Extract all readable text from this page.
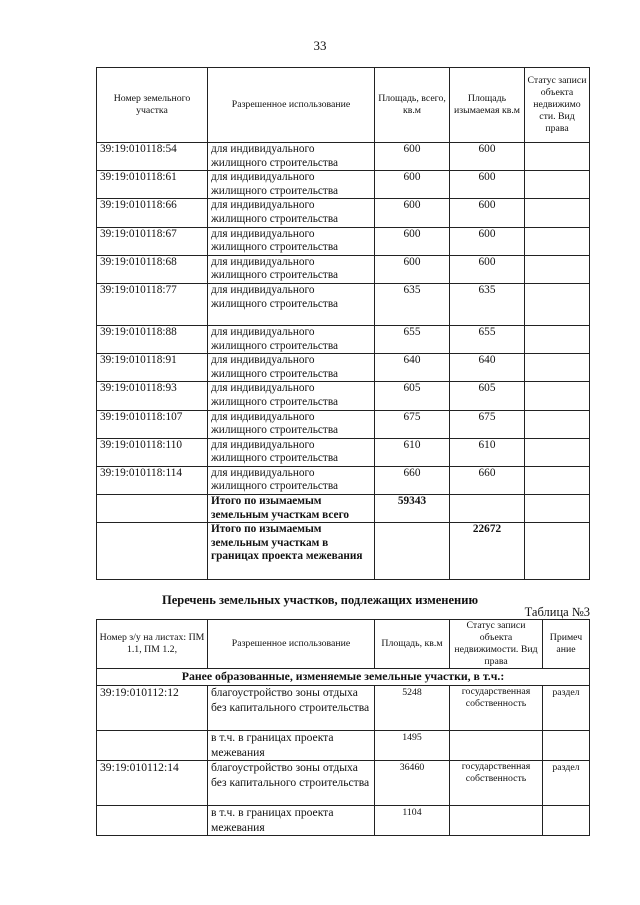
33
Номер земельного участка	Разрешенное использование	Площадь, всего, кв.м	Площадь изымаемая кв.м	Статус записи объекта недвижимо сти. Вид права
39:19:010118:54	для индивидуального жилищного строительства	600	600	
39:19:010118:61	для индивидуального жилищного строительства	600	600	
39:19:010118:66	для индивидуального жилищного строительства	600	600	
39:19:010118:67	для индивидуального жилищного строительства	600	600	
39:19:010118:68	для индивидуального жилищного строительства	600	600	
39:19:010118:77	для индивидуального жилищного строительства	635	635	
39:19:010118:88	для индивидуального жилищного строительства	655	655	
39:19:010118:91	для индивидуального жилищного строительства	640	640	
39:19:010118:93	для индивидуального жилищного строительства	605	605	
39:19:010118:107	для индивидуального жилищного строительства	675	675	
39:19:010118:110	для индивидуального жилищного строительства	610	610	
39:19:010118:114	для индивидуального жилищного строительства	660	660	
	Итого по изымаемым земельным участкам всего	59343		
	Итого по изымаемым земельным участкам в границах проекта межевания		22672	
Перечень земельных участков, подлежащих изменению
Таблица №3
Номер з/у на листах: ПМ 1.1, ПМ 1.2,	Разрешенное использование	Площадь, кв.м	Статус записи объекта недвижимости. Вид права	Примеч ание
Ранее образованные, изменяемые земельные участки, в т.ч.:				
39:19:010112:12	благоустройство зоны отдыха без капитального строительства	5248	государственная собственность	раздел
	в т.ч. в границах проекта межевания	1495		
39:19:010112:14	благоустройство зоны отдыха без капитального строительства	36460	государственная собственность	раздел
	в т.ч. в границах проекта межевания	1104		
